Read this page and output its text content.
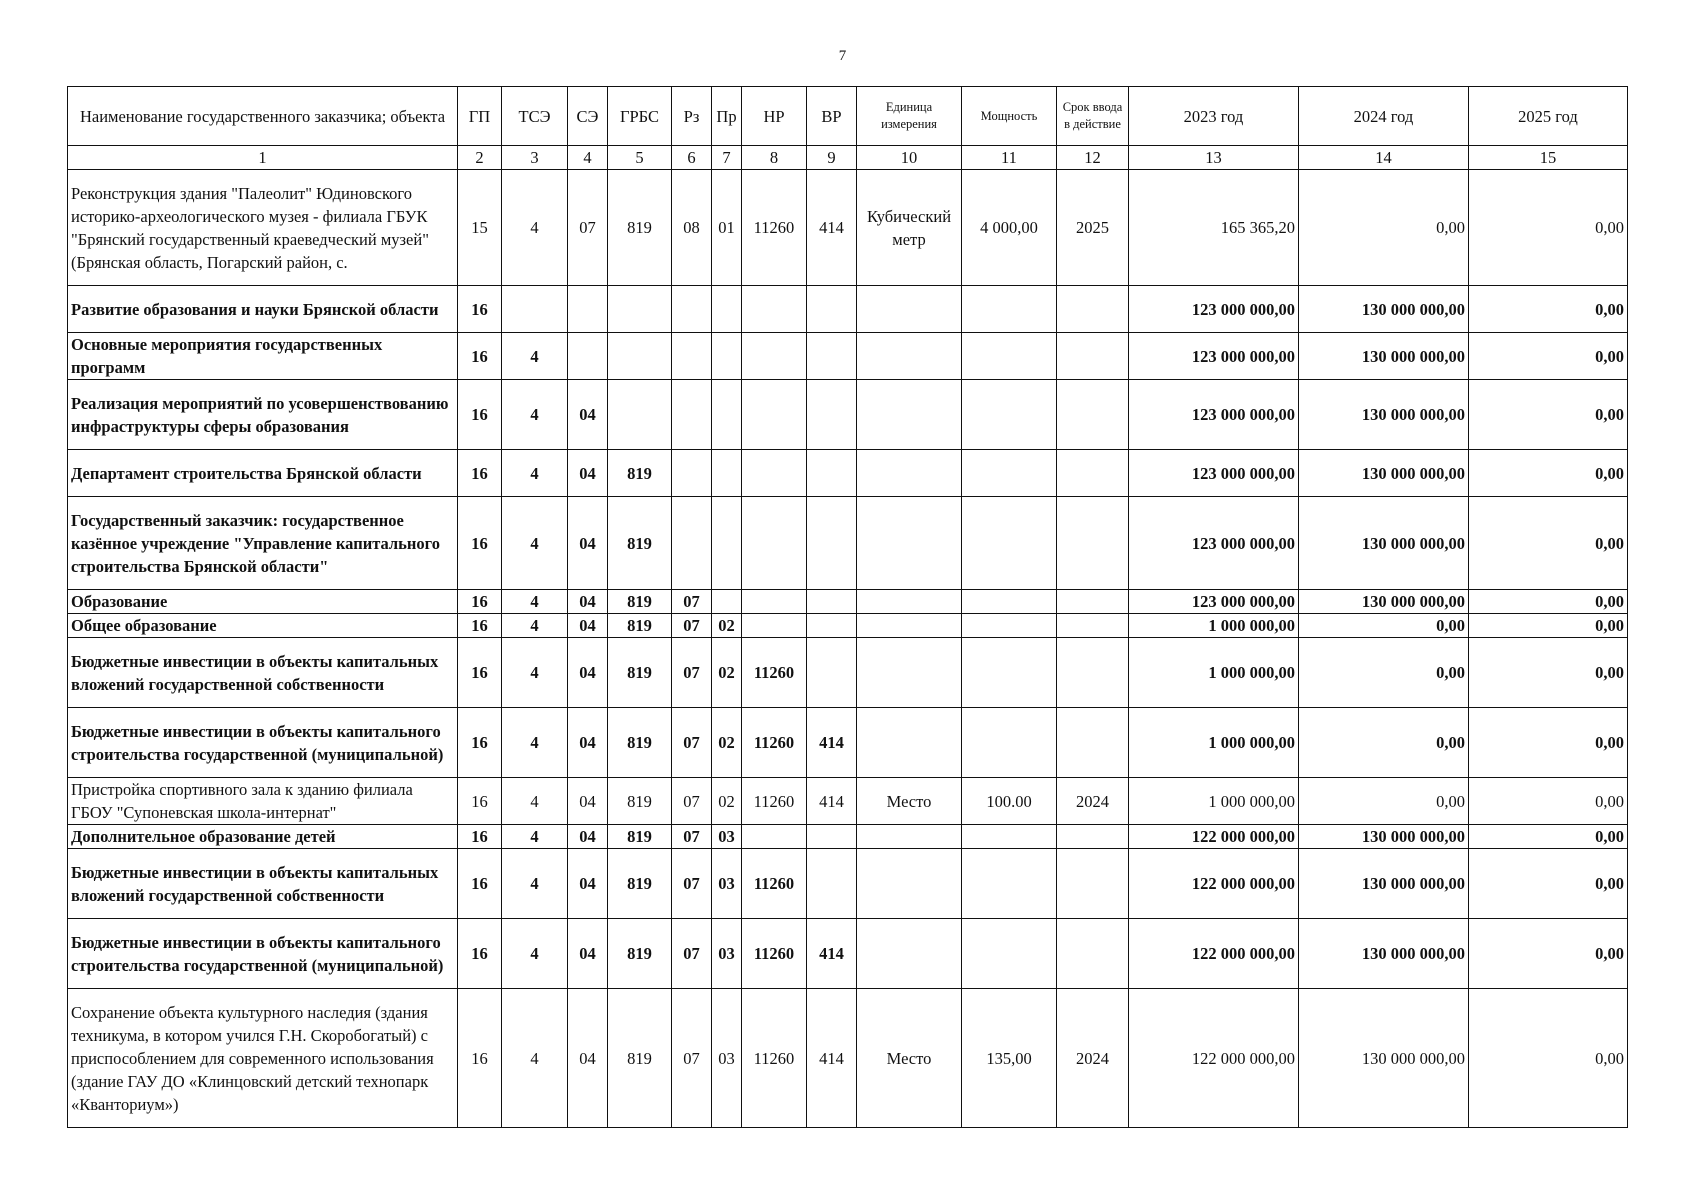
7
Наименование государственного заказчика; объекта	ГП	ТСЭ	СЭ	ГРБС	Рз	Пр	НР	ВР	Единица измерения	Мощность	Срок ввода в действие	2023 год	2024 год	2025 год
1	2	3	4	5	6	7	8	9	10	11	12	13	14	15
Реконструкция здания "Палеолит" Юдиновского историко-археологического музея - филиала ГБУК "Брянский государственный краеведческий музей" (Брянская область, Погарский район, с.	15	4	07	819	08	01	11260	414	Кубический метр	4 000,00	2025	165 365,20	0,00	0,00
Развитие образования и науки Брянской области	16											123 000 000,00	130 000 000,00	0,00
Основные мероприятия государственных программ	16	4										123 000 000,00	130 000 000,00	0,00
Реализация мероприятий по усовершенствованию инфраструктуры сферы образования	16	4	04									123 000 000,00	130 000 000,00	0,00
Департамент строительства Брянской области	16	4	04	819								123 000 000,00	130 000 000,00	0,00
Государственный заказчик: государственное казённое учреждение "Управление капитального строительства Брянской области"	16	4	04	819								123 000 000,00	130 000 000,00	0,00
Образование	16	4	04	819	07							123 000 000,00	130 000 000,00	0,00
Общее образование	16	4	04	819	07	02						1 000 000,00	0,00	0,00
Бюджетные инвестиции в объекты капитальных вложений государственной собственности	16	4	04	819	07	02	11260					1 000 000,00	0,00	0,00
Бюджетные инвестиции в объекты капитального строительства государственной (муниципальной)	16	4	04	819	07	02	11260	414				1 000 000,00	0,00	0,00
Пристройка спортивного зала к зданию филиала ГБОУ "Супоневская школа-интернат"	16	4	04	819	07	02	11260	414	Место	100.00	2024	1 000 000,00	0,00	0,00
Дополнительное образование детей	16	4	04	819	07	03						122 000 000,00	130 000 000,00	0,00
Бюджетные инвестиции в объекты капитальных вложений государственной собственности	16	4	04	819	07	03	11260					122 000 000,00	130 000 000,00	0,00
Бюджетные инвестиции в объекты капитального строительства государственной (муниципальной)	16	4	04	819	07	03	11260	414				122 000 000,00	130 000 000,00	0,00
Сохранение объекта культурного наследия (здания техникума, в котором учился Г.Н. Скоробогатый) с приспособлением для современного использования (здание ГАУ ДО «Клинцовский детский технопарк «Кванториум»)	16	4	04	819	07	03	11260	414	Место	135,00	2024	122 000 000,00	130 000 000,00	0,00
